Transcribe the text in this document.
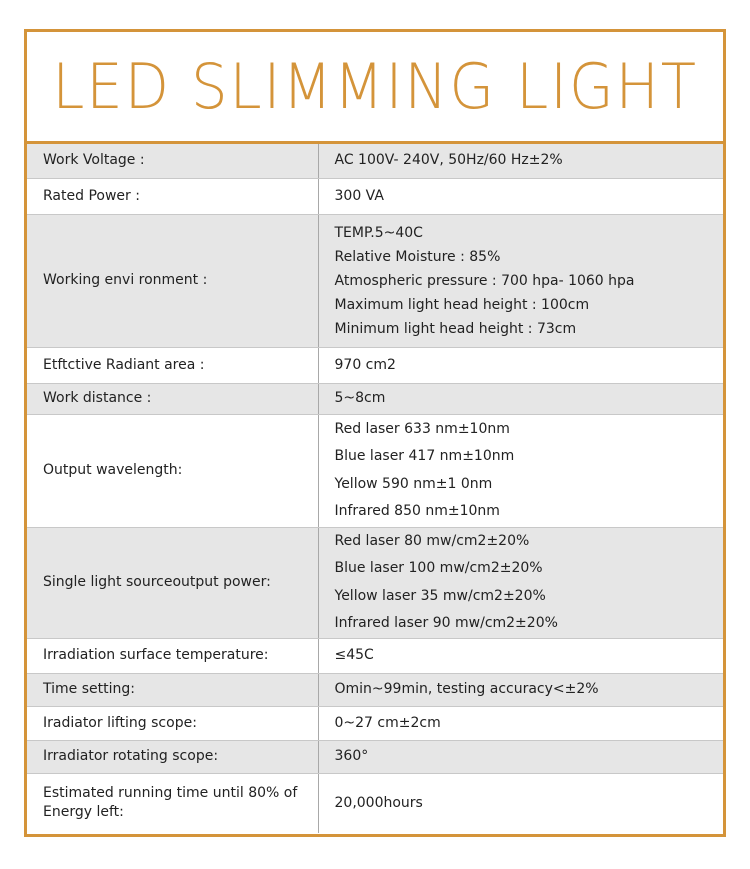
LED SLIMMING LIGHT
Work Voltage :	AC 100V- 240V, 50Hz/60 Hz±2%

Rated Power :	300 VA

Working envi ronment :	TEMP.5~40C
Relative Moisture : 85%
Atmospheric pressure : 700 hpa- 1060 hpa
Maximum light head height : 100cm
Minimum light head height : 73cm

Etftctive Radiant area :	970 cm2

Work distance :	5~8cm

Output wavelength:	Red laser 633 nm±10nm
Blue laser 417 nm±10nm
Yellow 590 nm±1 0nm
Infrared 850 nm±10nm

Single light sourceoutput power:	Red laser 80 mw/cm2±20%
Blue laser 100 mw/cm2±20%
Yellow laser 35 mw/cm2±20%
Infrared laser 90 mw/cm2±20%

Irradiation surface temperature:	≤45C

Time setting:	Omin~99min, testing accuracy<±2%

Iradiator lifting scope:	0~27 cm±2cm

Irradiator rotating scope:	360°

Estimated running time until 80% of Energy left:	20,000hours
